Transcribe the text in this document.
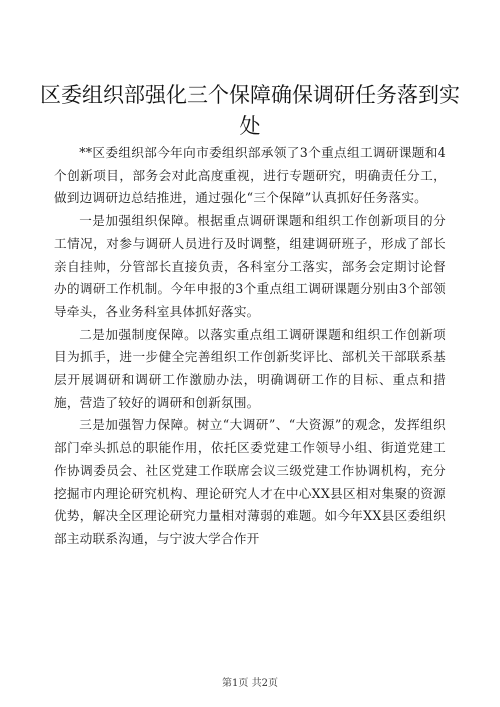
区委组织部强化三个保障确保调研任务落到实处

**区委组织部今年向市委组织部承领了3个重点组工调研课题和4个创新项目，部务会对此高度重视，进行专题研究，明确责任分工，做到边调研边总结推进，通过强化“三个保障”认真抓好任务落实。

一是加强组织保障。根据重点调研课题和组织工作创新项目的分工情况，对参与调研人员进行及时调整，组建调研班子，形成了部长亲自挂帅，分管部长直接负责，各科室分工落实，部务会定期讨论督办的调研工作机制。今年申报的3个重点组工调研课题分别由3个部领导牵头，各业务科室具体抓好落实。

二是加强制度保障。以落实重点组工调研课题和组织工作创新项目为抓手，进一步健全完善组织工作创新奖评比、部机关干部联系基层开展调研和调研工作激励办法，明确调研工作的目标、重点和措施，营造了较好的调研和创新氛围。

三是加强智力保障。树立“大调研”、“大资源”的观念，发挥组织部门牵头抓总的职能作用，依托区委党建工作领导小组、街道党建工作协调委员会、社区党建工作联席会议三级党建工作协调机构，充分挖掘市内理论研究机构、理论研究人才在中心XX县区相对集聚的资源优势，解决全区理论研究力量相对薄弱的难题。如今年XX县区委组织部主动联系沟通，与宁波大学合作开

第1页 共2页
